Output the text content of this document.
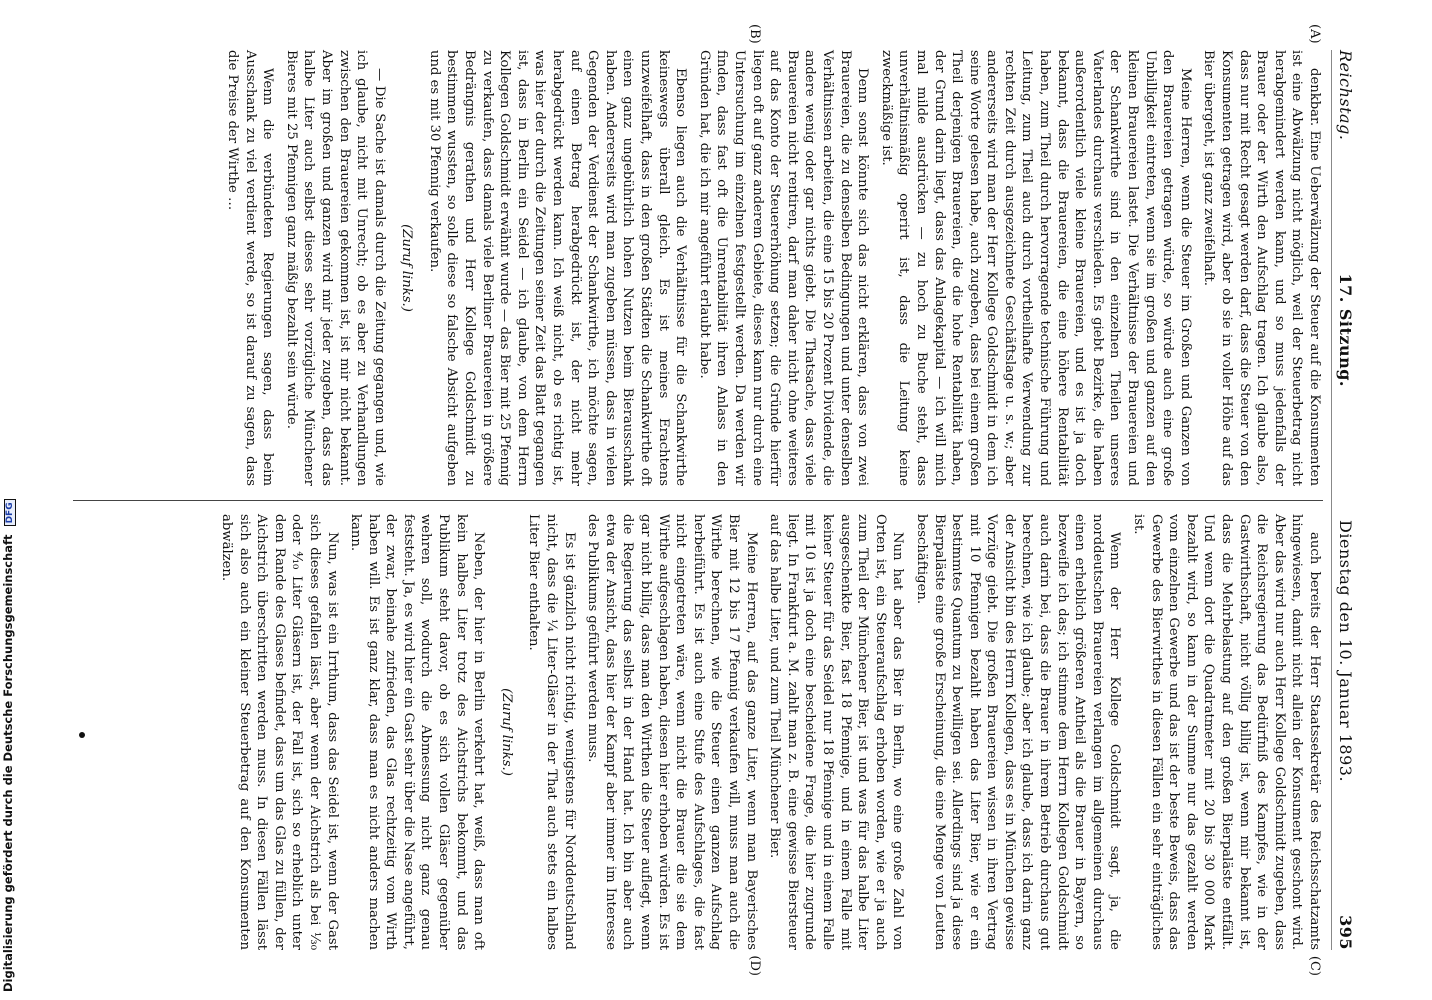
Reichstag.
17. Sitzung.
Dienstag den 10. Januar 1893.
395
(A)
(B)

denkbar. Eine Ueberwälzung der Steuer auf die Konsumenten ist eine Abwälzung nicht möglich, weil der Steuerbetrag nicht herabgemindert werden kann, und so muss jedenfalls der Brauer oder der Wirth den Aufschlag tragen. Ich glaube also, dass nur mit Recht gesagt werden darf, dass die Steuer von den Konsumenten getragen wird, aber ob sie in voller Höhe auf das Bier übergeht, ist ganz zweifelhaft.

Meine Herren, wenn die Steuer im Großen und Ganzen von den Brauereien getragen würde, so würde auch eine große Unbilligkeit eintreten, wenn sie im großen und ganzen auf den kleinen Brauereien lastet. Die Verhältnisse der Brauereien und der Schankwirthe sind in den einzelnen Theilen unseres Vaterlandes durchaus verschieden. Es giebt Bezirke, die haben außerordentlich viele kleine Brauereien, und es ist ja doch bekannt, dass die Brauereien, die eine höhere Rentabilität haben, zum Theil durch hervorragende technische Führung und Leitung, zum Theil auch durch vortheilhafte Verwendung zur rechten Zeit durch ausgezeichnete Geschäftslage u. s. w.; aber andererseits wird man der Herr Kollege Goldschmidt in dem ich seine Worte gelesen habe, auch zugeben, dass bei einem großen Theil derjenigen Brauereien, die die hohe Rentabilität haben, der Grund darin liegt, dass das Anlagekapital — ich will mich mal milde ausdrücken — zu hoch zu Buche steht, dass unverhältnismäßig operirt ist, dass die Leitung keine zweckmäßige ist.

Denn sonst könnte sich das nicht erklären, dass von zwei Brauereien, die zu denselben Bedingungen und unter denselben Verhältnissen arbeiten, die eine 15 bis 20 Prozent Dividende, die andere wenig oder gar nichts giebt. Die Thatsache, dass viele Brauereien nicht rentiren, darf man daher nicht ohne weiteres auf das Konto der Steuererhöhung setzen; die Gründe hierfür liegen oft auf ganz anderem Gebiete, dieses kann nur durch eine Untersuchung im einzelnen festgestellt werden. Da werden wir finden, dass fast oft die Unrentabilität ihren Anlass in den Gründen hat, die ich mir angeführt erlaubt habe.

Ebenso liegen auch die Verhältnisse für die Schankwirthe keineswegs überall gleich. Es ist meines Erachtens unzweifelhaft, dass in den großen Städten die Schankwirthe oft einen ganz ungebührlich hohen Nutzen beim Bierausschank haben. Andererseits wird man zugeben müssen, dass in vielen Gegenden der Verdienst der Schankwirthe, ich möchte sagen, auf einen Betrag herabgedrückt ist, der nicht mehr herabgedrückt werden kann. Ich weiß nicht, ob es richtig ist, was hier der durch die Zeitungen seiner Zeit das Blatt gegangen ist, dass in Berlin ein Seidel — ich glaube, von dem Herrn Kollegen Goldschmidt erwähnt wurde — das Bier mit 25 Pfennig zu verkaufen, dass damals viele Berliner Brauereien in größere Bedrängnis gerathen und Herr Kollege Goldschmidt zu bestimmen wussten, so solle diese so falsche Absicht aufgeben und es mit 30 Pfennig verkaufen.

(Zuruf links.)

— Die Sache ist damals durch die Zeitung gegangen und, wie ich glaube, nicht mit Unrecht; ob es aber zu Verhandlungen zwischen den Brauereien gekommen ist, ist mir nicht bekannt. Aber im großen und ganzen wird mir jeder zugeben, dass das halbe Liter auch selbst dieses sehr vorzügliche Münchener Bieres mit 25 Pfennigen ganz mäßig bezahlt sein würde.

Wenn die verbündeten Regierungen sagen, dass beim Ausschank zu viel verdient werde, so ist darauf zu sagen, dass die Preise der Wirthe …

(C)
(D)

auch bereits der Herr Staatssekretär des Reichsschatzamts hingewiesen, damit nicht allein der Konsument geschont wird. Aber das wird nur auch Herr Kollege Goldschmidt zugeben, dass die Reichsregierung das Bedürfniß des Kampfes, wie in der Gastwirthschaft, nicht völlig billig ist, wenn mir bekannt ist, dass die Mehrbelastung auf den großen Bierpaläste entfällt. Und wenn dort die Quadratmeter mit 20 bis 30 000 Mark bezahlt wird, so kann in der Summe nur das gezahlt werden vom einzelnen Gewerbe und das ist der beste Beweis, dass das Gewerbe des Bierwirthes in diesen Fällen ein sehr einträgliches ist.

Wenn der Herr Kollege Goldschmidt sagt, ja, die norddeutschen Brauereien verlangen im allgemeinen durchaus einen erheblich größeren Antheil als die Brauer in Bayern, so bezweifle ich das; ich stimme dem Herrn Kollegen Goldschmidt auch darin bei, dass die Brauer in ihrem Betrieb durchaus gut berechnen, wie ich glaube; aber ich glaube, dass ich darin ganz der Ansicht bin des Herrn Kollegen, dass es in München gewisse Vorzüge giebt. Die großen Brauereien wissen in ihren Vertrag mit 10 Pfennigen bezahlt haben das Liter Bier, wie er ein bestimmtes Quantum zu bewilligen sei. Allerdings sind ja diese Bierpaläste eine große Erscheinung, die eine Menge von Leuten beschäftigen.

Nun hat aber das Bier in Berlin, wo eine große Zahl von Orten ist, ein Steueraufschlag erhoben worden, wie er ja auch zum Theil der Münchener Bier, ist und was für das halbe Liter ausgeschenkte Bier, fast 18 Pfennige, und in einem Falle mit keiner Steuer für das Seidel nur 18 Pfennige und in einem Falle mit 10 ist ja doch eine bescheidene Frage, die hier zugrunde liegt. In Frankfurt a. M. zahlt man z. B. eine gewisse Biersteuer auf das halbe Liter, und zum Theil Münchener Bier.

Meine Herren, auf das ganze Liter, wenn man Bayerisches Bier mit 12 bis 17 Pfennig verkaufen will, muss man auch die Wirthe berechnen, wie die Steuer einen ganzen Aufschlag herbeiführt. Es ist auch eine Stufe des Aufschlages, die fast nicht eingetreten wäre, wenn nicht die Brauer die sie dem Wirthe aufgeschlagen haben, diesen hier erhoben würden. Es ist gar nicht billig, dass man den Wirthen die Steuer auflegt, wenn die Regierung das selbst in der Hand hat. Ich bin aber auch etwa der Ansicht, dass hier der Kampf aber immer im Interesse des Publikums geführt werden muss.

Es ist gänzlich nicht richtig, wenigstens für Norddeutschland nicht, dass die ¼ Liter-Gläser in der That auch stets ein halbes Liter Bier enthalten.

(Zuruf links.)

Neben, der hier in Berlin verkehrt hat, weiß, dass man oft kein halbes Liter trotz des Aichstrichs bekommt, und das Publikum steht davor, ob es sich vollen Gläser gegenüber wehren soll, wodurch die Abmessung nicht ganz genau feststeht. Ja, es wird hier ein Gast sehr über die Nase angeführt, der zwar, beinahe zufrieden, das Glas rechtzeitig vom Wirth haben will. Es ist ganz klar, dass man es nicht anders machen kann.

Nun, was ist ein Irrthum, dass das Seidel ist, wenn der Gast sich dieses gefallen lässt, aber wenn der Aichstrich als bei ⅓₀ oder ⁴⁄₁₀ Liter Gläsern ist, der Fall ist, sich so erheblich unter dem Rande des Glases befindet, dass um das Glas zu füllen, der Aichstrich überschritten werden muss. In diesen Fällen lässt sich also auch ein kleiner Steuerbetrag auf den Konsumenten abwälzen.

Digitalisierung gefördert durch die Deutsche Forschungsgemeinschaft DFG
